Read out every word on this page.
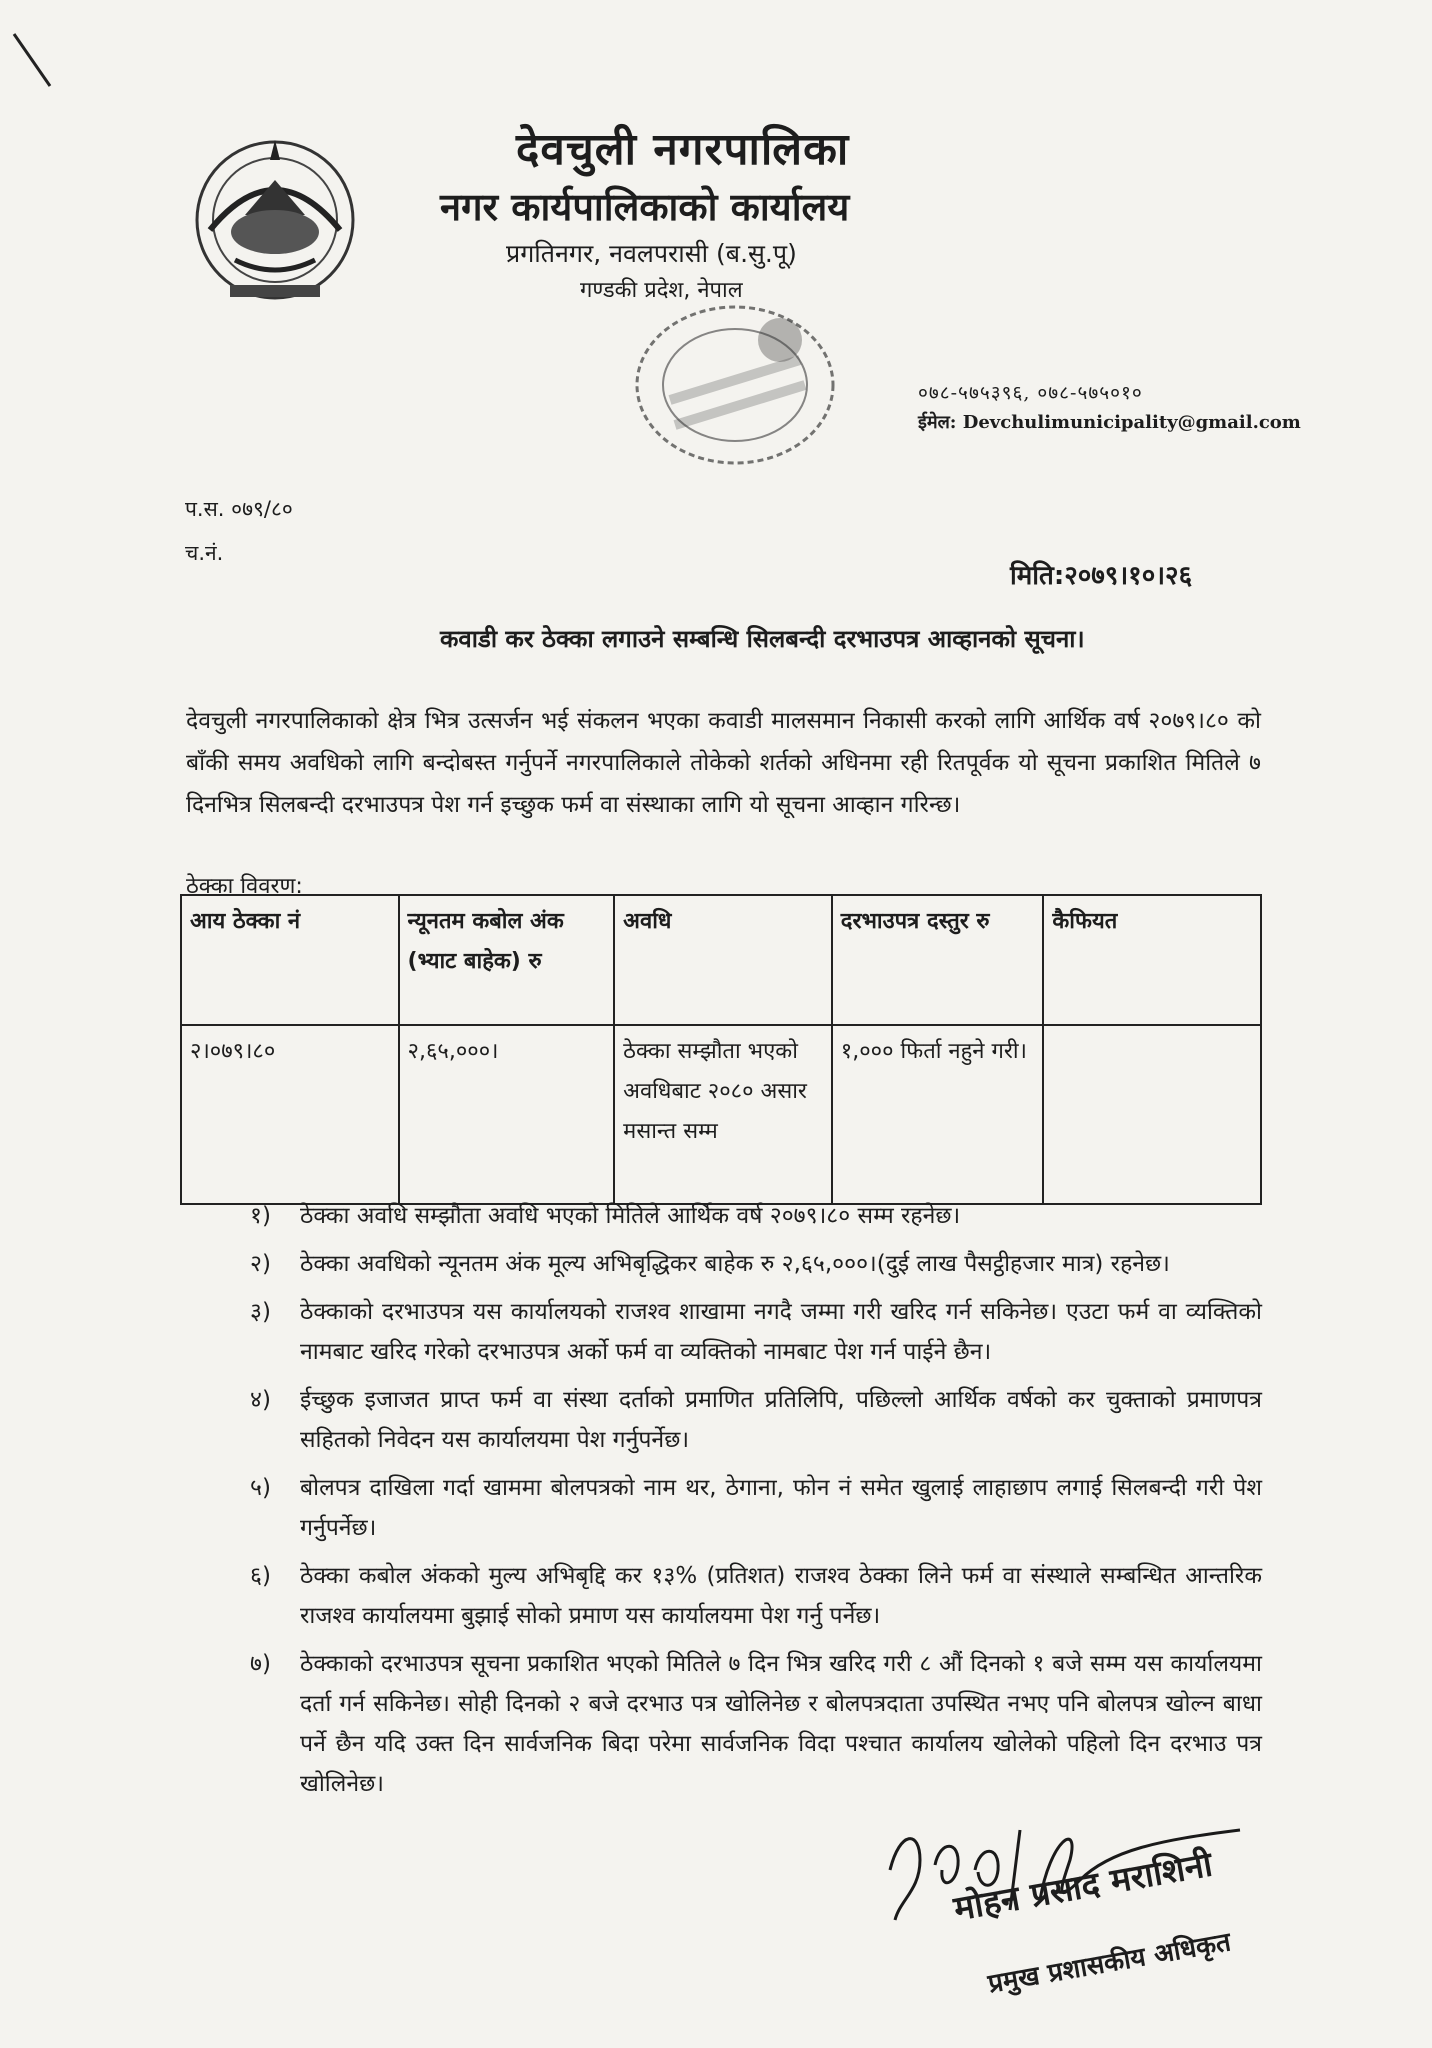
देवचुली नगरपालिका
नगर कार्यपालिकाको कार्यालय
प्रगतिनगर, नवलपरासी (ब.सु.पू)
गण्डकी प्रदेश, नेपाल
०७८-५७५३९६, ०७८-५७५०१०
ईमेल: Devchulimunicipality@gmail.com
प.स. ०७९/८०
च.नं.
मिति:२०७९।१०।२६
कवाडी कर ठेक्का लगाउने सम्बन्धि सिलबन्दी दरभाउपत्र आव्हानको सूचना।
देवचुली नगरपालिकाको क्षेत्र भित्र उत्सर्जन भई संकलन भएका कवाडी मालसमान निकासी करको लागि आर्थिक वर्ष २०७९।८० को बाँकी समय अवधिको लागि बन्दोबस्त गर्नुपर्ने नगरपालिकाले तोकेको शर्तको अधिनमा रही रितपूर्वक यो सूचना प्रकाशित मितिले ७ दिनभित्र सिलबन्दी दरभाउपत्र पेश गर्न इच्छुक फर्म वा संस्थाका लागि यो सूचना आव्हान गरिन्छ।
ठेक्का विवरण:
आय ठेक्का नं	न्यूनतम कबोल अंक (भ्याट बाहेक) रु	अवधि	दरभाउपत्र दस्तुर रु	कैफियत
२।०७९।८०	२,६५,०००।	ठेक्का सम्झौता भएको अवधिबाट २०८० असार मसान्त सम्म	१,००० फिर्ता नहुने गरी।	
१) ठेक्का अवधि सम्झौता अवधि भएको मितिले आर्थिक वर्ष २०७९।८० सम्म रहनेछ।
२) ठेक्का अवधिको न्यूनतम अंक मूल्य अभिबृद्धिकर बाहेक रु २,६५,०००।(दुई लाख पैसट्ठीहजार मात्र) रहनेछ।
३) ठेक्काको दरभाउपत्र यस कार्यालयको राजश्व शाखामा नगदै जम्मा गरी खरिद गर्न सकिनेछ। एउटा फर्म वा व्यक्तिको नामबाट खरिद गरेको दरभाउपत्र अर्को फर्म वा व्यक्तिको नामबाट पेश गर्न पाईने छैन।
४) ईच्छुक इजाजत प्राप्त फर्म वा संस्था दर्ताको प्रमाणित प्रतिलिपि, पछिल्लो आर्थिक वर्षको कर चुक्ताको प्रमाणपत्र सहितको निवेदन यस कार्यालयमा पेश गर्नुपर्नेछ।
५) बोलपत्र दाखिला गर्दा खाममा बोलपत्रको नाम थर, ठेगाना, फोन नं समेत खुलाई लाहाछाप लगाई सिलबन्दी गरी पेश गर्नुपर्नेछ।
६) ठेक्का कबोल अंकको मुल्य अभिबृद्दि कर १३% (प्रतिशत) राजश्व ठेक्का लिने फर्म वा संस्थाले सम्बन्धित आन्तरिक राजश्व कार्यालयमा बुझाई सोको प्रमाण यस कार्यालयमा पेश गर्नु पर्नेछ।
७) ठेक्काको दरभाउपत्र सूचना प्रकाशित भएको मितिले ७ दिन भित्र खरिद गरी ८ औं दिनको १ बजे सम्म यस कार्यालयमा दर्ता गर्न सकिनेछ। सोही दिनको २ बजे दरभाउ पत्र खोलिनेछ र बोलपत्रदाता उपस्थित नभए पनि बोलपत्र खोल्न बाधा पर्ने छैन यदि उक्त दिन सार्वजनिक बिदा परेमा सार्वजनिक विदा पश्चात कार्यालय खोलेको पहिलो दिन दरभाउ पत्र खोलिनेछ।
मोहन प्रसाद मराशिनी
प्रमुख प्रशासकीय अधिकृत
